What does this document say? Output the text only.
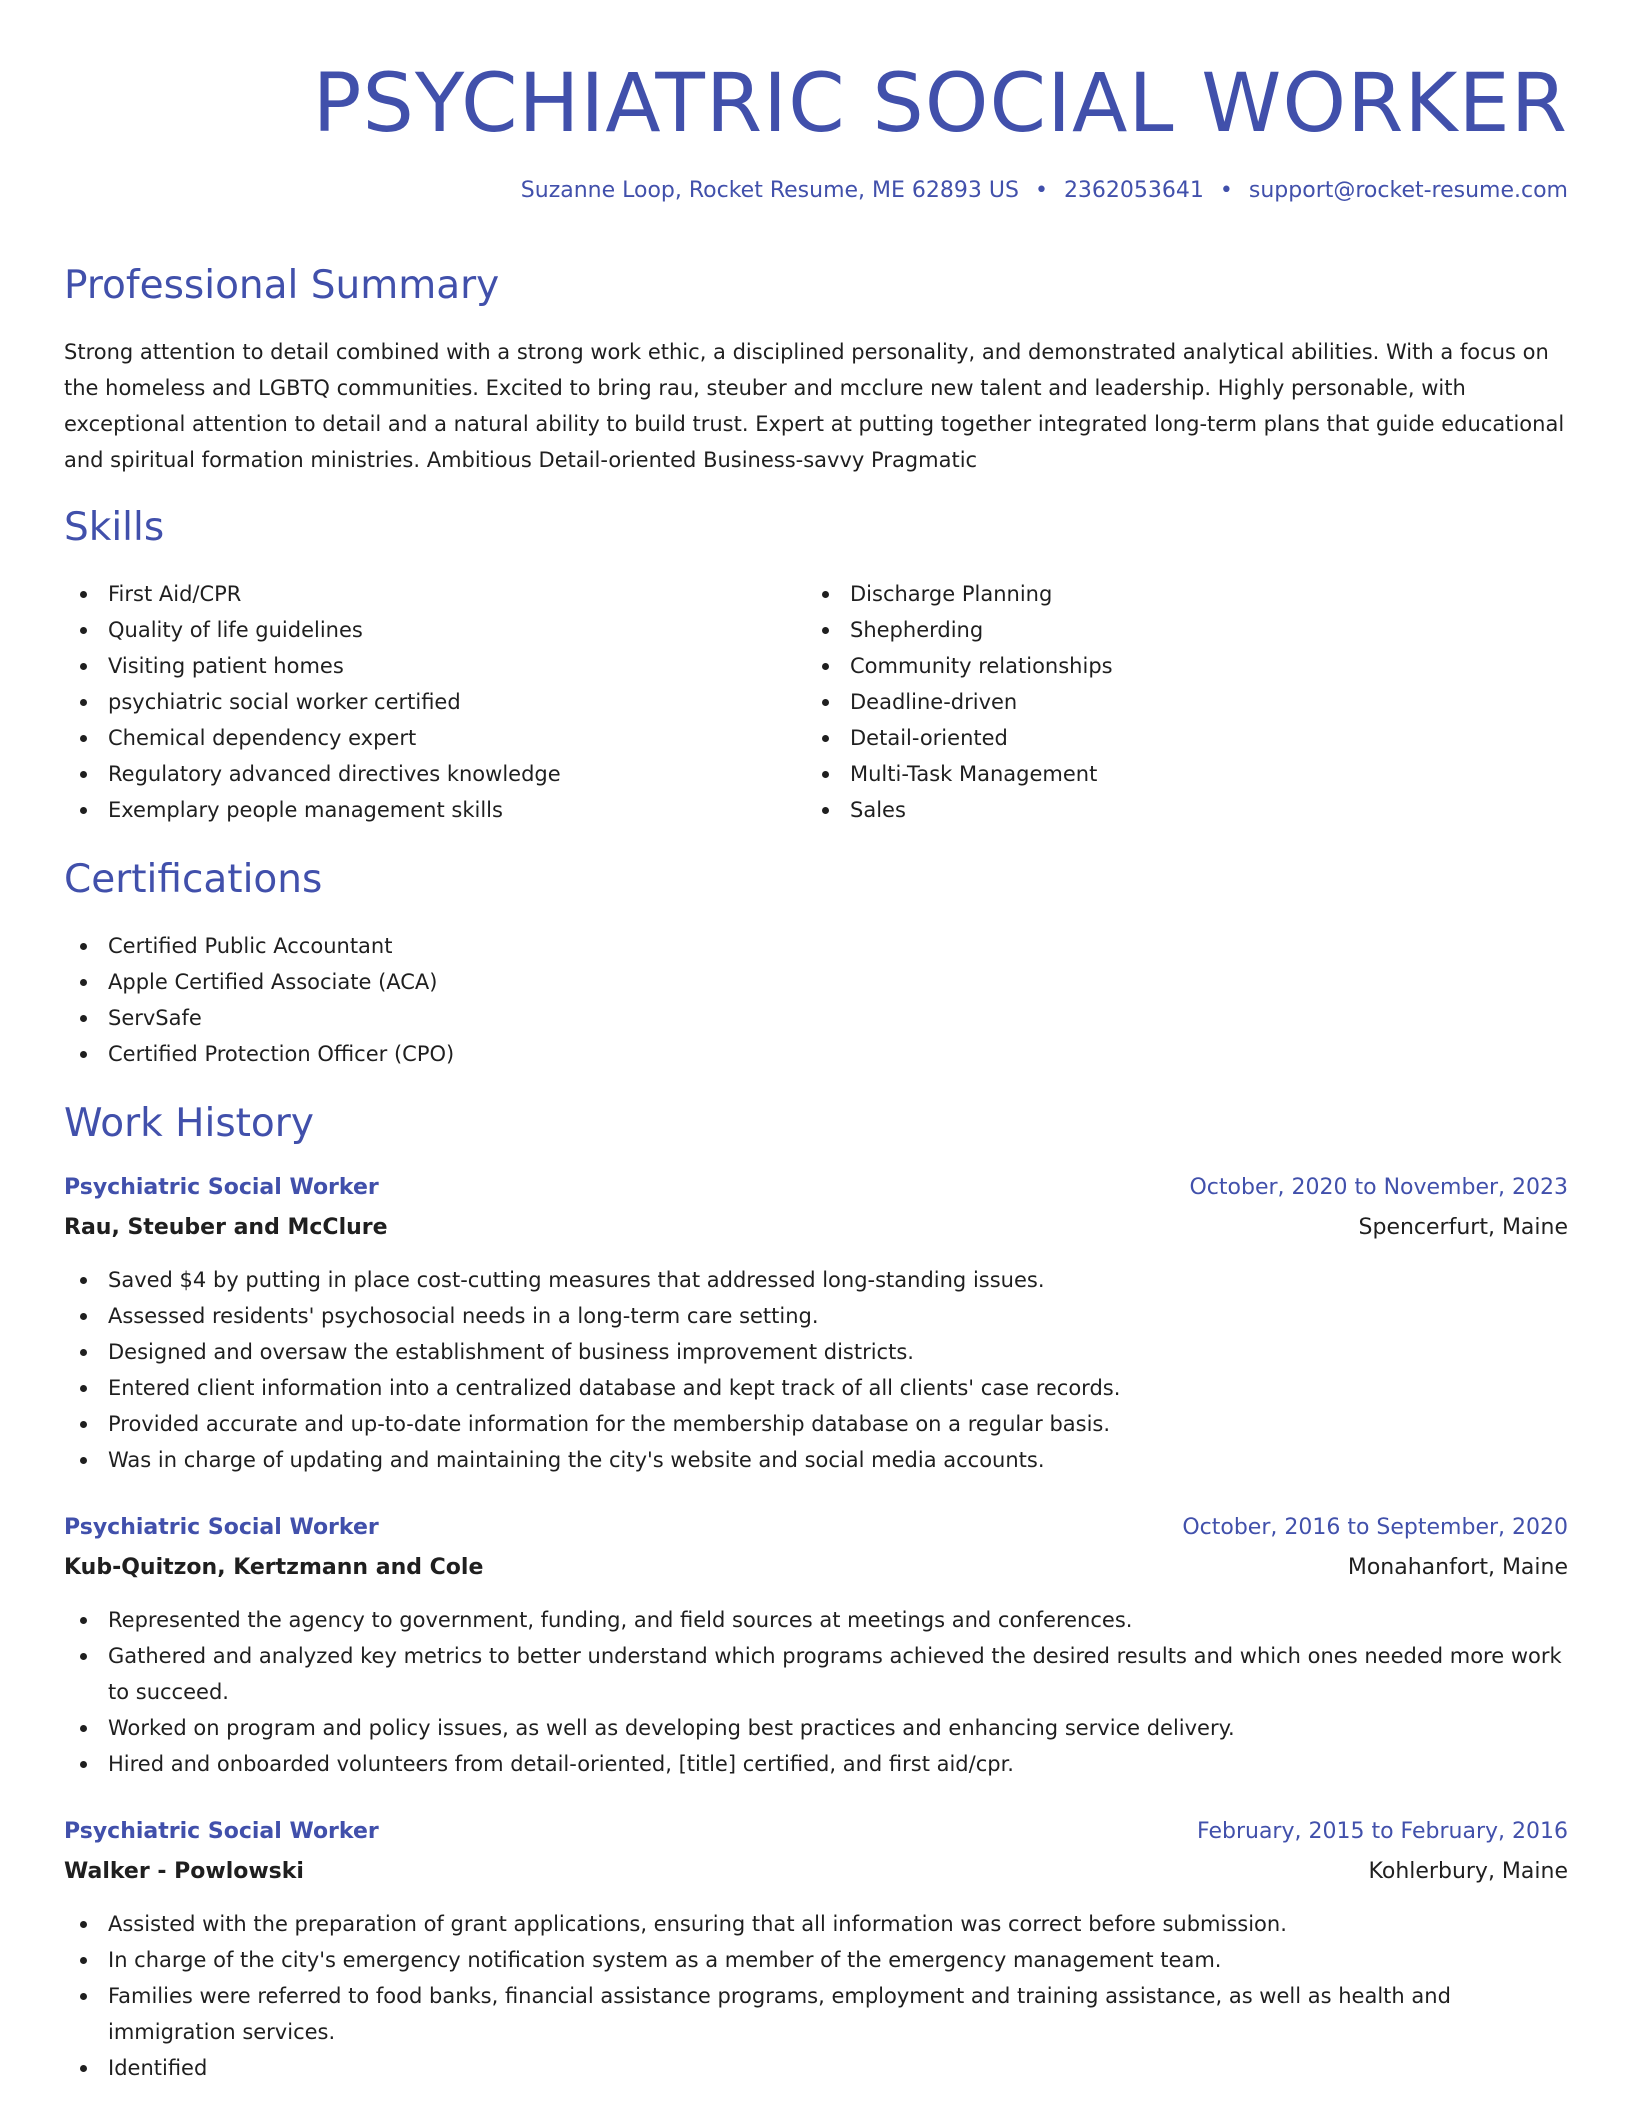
PSYCHIATRIC SOCIAL WORKER
Suzanne Loop, Rocket Resume, ME 62893 US • 2362053641 • support@rocket-resume.com
Professional Summary

Strong attention to detail combined with a strong work ethic, a disciplined personality, and demonstrated analytical abilities. With a focus on the homeless and LGBTQ communities. Excited to bring rau, steuber and mcclure new talent and leadership. Highly personable, with exceptional attention to detail and a natural ability to build trust. Expert at putting together integrated long-term plans that guide educational and spiritual formation ministries. Ambitious Detail-oriented Business-savvy Pragmatic

Skills
First Aid/CPR
Quality of life guidelines
Visiting patient homes
psychiatric social worker certified
Chemical dependency expert
Regulatory advanced directives knowledge
Exemplary people management skills
Discharge Planning
Shepherding
Community relationships
Deadline-driven
Detail-oriented
Multi-Task Management
Sales
Certifications
Certified Public Accountant
Apple Certified Associate (ACA)
ServSafe
Certified Protection Officer (CPO)
Work History
Psychiatric Social Worker	October, 2020 to November, 2023
Rau, Steuber and McClure	Spencerfurt, Maine
Saved $4 by putting in place cost-cutting measures that addressed long-standing issues.
Assessed residents' psychosocial needs in a long-term care setting.
Designed and oversaw the establishment of business improvement districts.
Entered client information into a centralized database and kept track of all clients' case records.
Provided accurate and up-to-date information for the membership database on a regular basis.
Was in charge of updating and maintaining the city's website and social media accounts.
Psychiatric Social Worker	October, 2016 to September, 2020
Kub-Quitzon, Kertzmann and Cole	Monahanfort, Maine
Represented the agency to government, funding, and field sources at meetings and conferences.
Gathered and analyzed key metrics to better understand which programs achieved the desired results and which ones needed more work to succeed.
Worked on program and policy issues, as well as developing best practices and enhancing service delivery.
Hired and onboarded volunteers from detail-oriented, [title] certified, and first aid/cpr.
Psychiatric Social Worker	February, 2015 to February, 2016
Walker - Powlowski	Kohlerbury, Maine
Assisted with the preparation of grant applications, ensuring that all information was correct before submission.
In charge of the city's emergency notification system as a member of the emergency management team.
Families were referred to food banks, financial assistance programs, employment and training assistance, as well as health and immigration services.
Identified
